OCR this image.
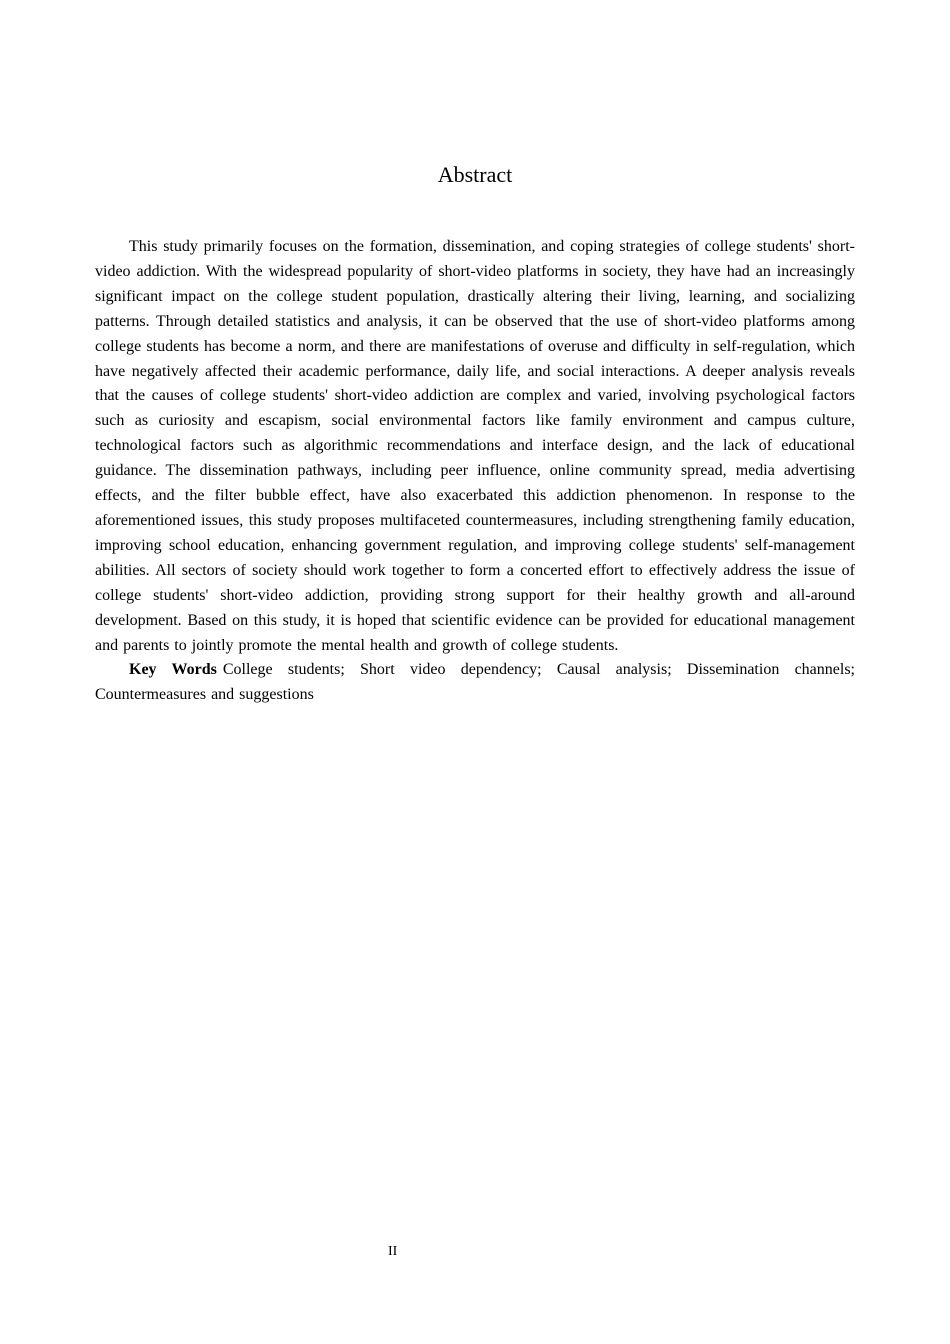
Abstract

This study primarily focuses on the formation, dissemination, and coping strategies of college students' short-video addiction. With the widespread popularity of short-video platforms in society, they have had an increasingly significant impact on the college student population, drastically altering their living, learning, and socializing patterns. Through detailed statistics and analysis, it can be observed that the use of short-video platforms among college students has become a norm, and there are manifestations of overuse and difficulty in self-regulation, which have negatively affected their academic performance, daily life, and social interactions. A deeper analysis reveals that the causes of college students' short-video addiction are complex and varied, involving psychological factors such as curiosity and escapism, social environmental factors like family environment and campus culture, technological factors such as algorithmic recommendations and interface design, and the lack of educational guidance. The dissemination pathways, including peer influence, online community spread, media advertising effects, and the filter bubble effect, have also exacerbated this addiction phenomenon. In response to the aforementioned issues, this study proposes multifaceted countermeasures, including strengthening family education, improving school education, enhancing government regulation, and improving college students' self-management abilities. All sectors of society should work together to form a concerted effort to effectively address the issue of college students' short-video addiction, providing strong support for their healthy growth and all-around development. Based on this study, it is hoped that scientific evidence can be provided for educational management and parents to jointly promote the mental health and growth of college students.

Key Words College students; Short video dependency; Causal analysis; Dissemination channels; Countermeasures and suggestions

II
